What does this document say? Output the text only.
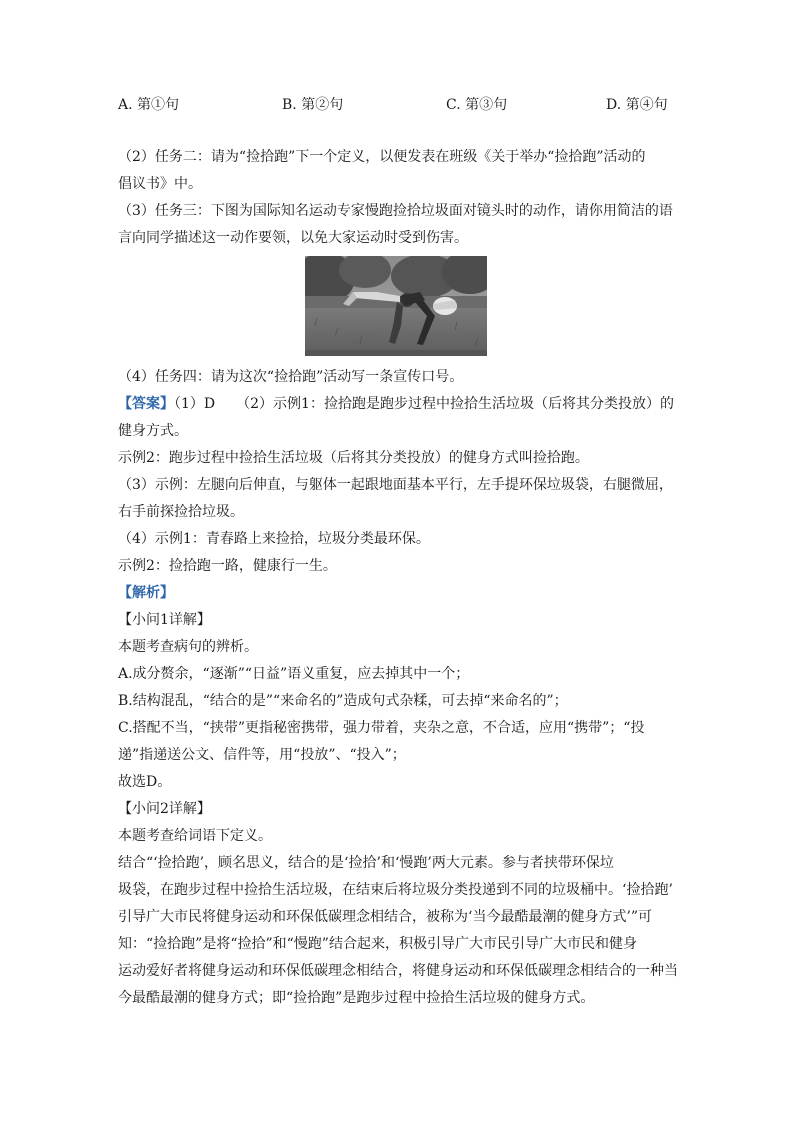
A. 第①句	B. 第②句	C. 第③句	D. 第④句
（2）任务二：请为“捡拾跑”下一个定义，以便发表在班级《关于举办“捡拾跑”活动的
倡议书》中。
（3）任务三：下图为国际知名运动专家慢跑捡拾垃圾面对镜头时的动作，请你用简洁的语
言向同学描述这一动作要领，以免大家运动时受到伤害。
（4）任务四：请为这次“捡拾跑”活动写一条宣传口号。
【答案】（1）D　　（2）示例1：捡拾跑是跑步过程中捡拾生活垃圾（后将其分类投放）的
健身方式。
示例2：跑步过程中捡拾生活垃圾（后将其分类投放）的健身方式叫捡拾跑。
（3）示例：左腿向后伸直，与躯体一起跟地面基本平行，左手提环保垃圾袋，右腿微屈，
右手前探捡拾垃圾。
（4）示例1：青春路上来捡拾，垃圾分类最环保。
示例2：捡拾跑一路，健康行一生。
【解析】
【小问1详解】
本题考查病句的辨析。
A.成分赘余，“逐渐”“日益”语义重复，应去掉其中一个；
B.结构混乱，“结合的是”“来命名的”造成句式杂糅，可去掉“来命名的”；
C.搭配不当，“挟带”更指秘密携带，强力带着，夹杂之意，不合适，应用“携带”；“投
递”指递送公文、信件等，用“投放”、“投入”；
故选D。
【小问2详解】
本题考查给词语下定义。
结合“‘捡拾跑’，顾名思义，结合的是‘捡拾’和‘慢跑’两大元素。参与者挟带环保垃
圾袋，在跑步过程中捡拾生活垃圾，在结束后将垃圾分类投递到不同的垃圾桶中。‘捡拾跑’
引导广大市民将健身运动和环保低碳理念相结合，被称为‘当今最酷最潮的健身方式’”可
知：“捡拾跑”是将“捡拾”和“慢跑”结合起来，积极引导广大市民引导广大市民和健身
运动爱好者将健身运动和环保低碳理念相结合，将健身运动和环保低碳理念相结合的一种当
今最酷最潮的健身方式；即“捡拾跑”是跑步过程中捡拾生活垃圾的健身方式。
